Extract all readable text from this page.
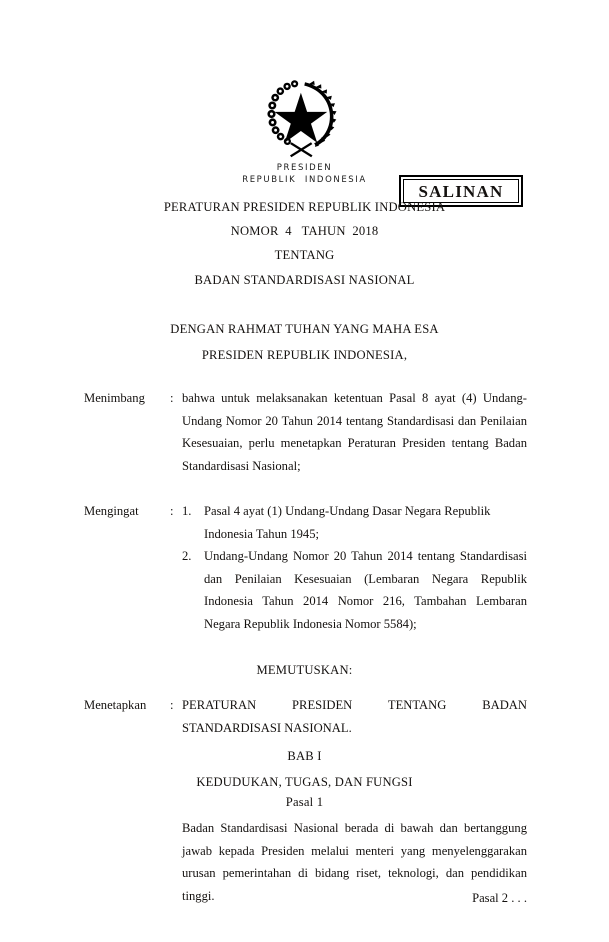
SALINAN
PRESIDEN
REPUBLIK  INDONESIA
PERATURAN PRESIDEN REPUBLIK INDONESIA
NOMOR  4   TAHUN  2018
TENTANG
BADAN STANDARDISASI NASIONAL
DENGAN RAHMAT TUHAN YANG MAHA ESA
PRESIDEN REPUBLIK INDONESIA,
Menimbang	: bahwa untuk melaksanakan ketentuan Pasal 8 ayat (4) Undang-Undang Nomor 20 Tahun 2014 tentang Standardisasi dan Penilaian Kesesuaian, perlu menetapkan Peraturan Presiden tentang Badan Standardisasi Nasional;

Mengingat	: 1. Pasal 4 ayat (1) Undang-Undang Dasar Negara Republik Indonesia Tahun 1945;
2. Undang-Undang Nomor 20 Tahun 2014 tentang Standardisasi dan Penilaian Kesesuaian (Lembaran Negara Republik Indonesia Tahun 2014 Nomor 216, Tambahan Lembaran Negara Republik Indonesia Nomor 5584);
MEMUTUSKAN:
Menetapkan	: PERATURAN PRESIDEN TENTANG BADAN STANDARDISASI NASIONAL.

BAB I
KEDUDUKAN, TUGAS, DAN FUNGSI
Pasal 1

Badan Standardisasi Nasional berada di bawah dan bertanggung jawab kepada Presiden melalui menteri yang menyelenggarakan urusan pemerintahan di bidang riset, teknologi, dan pendidikan tinggi.	Pasal 2 . . .
